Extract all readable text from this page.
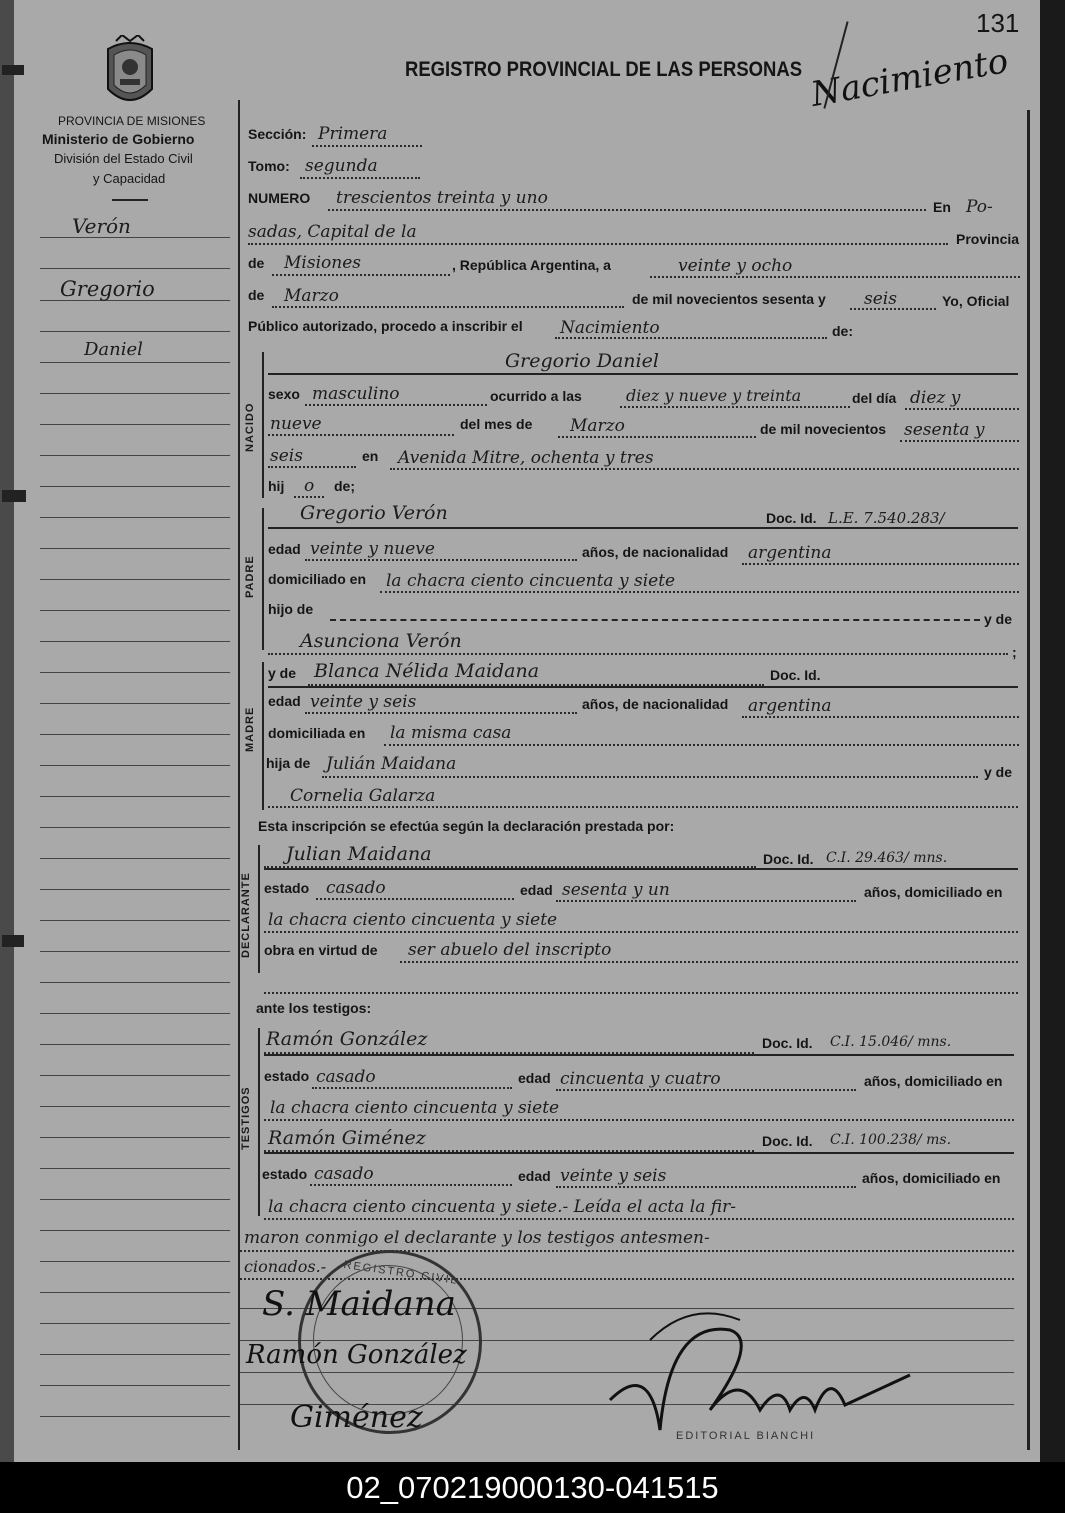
PROVINCIA DE MISIONES
Ministerio de Gobierno
División del Estado Civil
y Capacidad
REGISTRO PROVINCIAL DE LAS PERSONAS
131
Nacimiento
Verón
Gregorio
Daniel
Sección: Primera
Tomo: segunda
NUMERO trescientos treinta y uno	En Po-
sadas, Capital de la	Provincia
de Misiones	, República Argentina, a	veinte y ocho
de Marzo	de mil novecientos sesenta y seis	Yo, Oficial
Público autorizado, procedo a inscribir el Nacimiento	de:
NACIDO
Gregorio Daniel
sexo masculino	ocurrido a las	diez y nueve y treinta	del día diez y
nueve	del mes de Marzo	de mil novecientos sesenta y
seis	en Avenida Mitre, ochenta y tres
hij o de;
PADRE
Gregorio Verón	Doc. Id. L.E. 7.540.283/
edad veinte y nueve	años, de nacionalidad argentina
domiciliado en la chacra ciento cincuenta y siete
hijo de
y de
Asunciona Verón	;
MADRE
y de Blanca Nélida Maidana	Doc. Id.
edad veinte y seis	años, de nacionalidad argentina
domiciliada en la misma casa
hija de Julián Maidana	y de
Cornelia Galarza
Esta inscripción se efectúa según la declaración prestada por:
DECLARANTE
Julian Maidana	Doc. Id. C.I. 29.463/ mns.
estado casado	edad sesenta y un	años, domiciliado en
la chacra ciento cincuenta y siete
obra en virtud de ser abuelo del inscripto
ante los testigos:
TESTIGOS
Ramón González	Doc. Id. C.I. 15.046/ mns.
estado casado	edad cincuenta y cuatro	años, domiciliado en
la chacra ciento cincuenta y siete
Ramón Giménez	Doc. Id. C.I. 100.238/ ms.
estado casado	edad veinte y seis	años, domiciliado en
la chacra ciento cincuenta y siete.- Leída el acta la fir-
maron conmigo el declarante y los testigos antesmen-
cionados.- REGISTRO CIVIL
S. Maidana
Ramón González
Giménez
EDITORIAL BIANCHI
02_070219000130-041515
